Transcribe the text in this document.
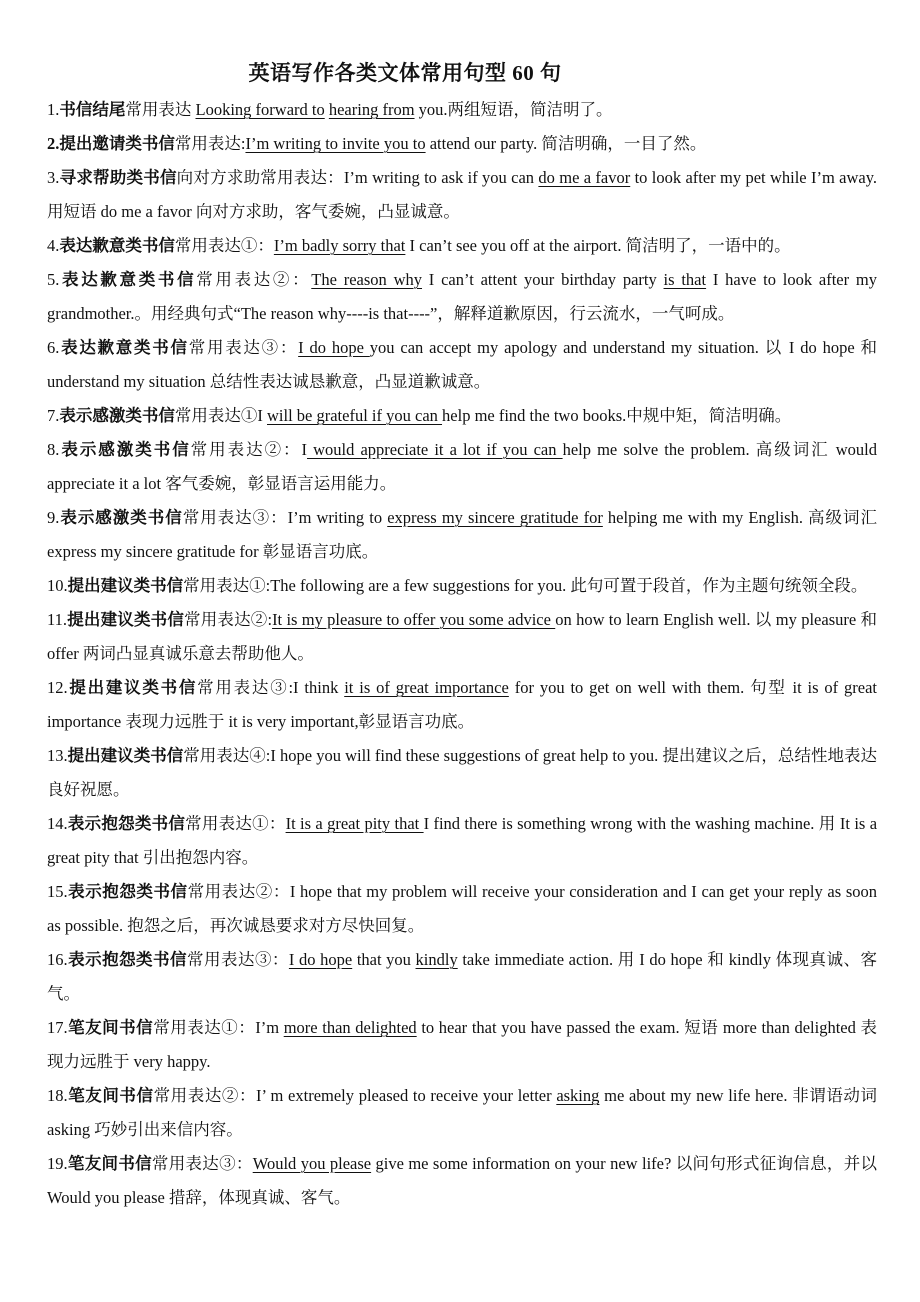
英语写作各类文体常用句型 60 句

1.书信结尾常用表达 Looking forward to hearing from you.两组短语，简洁明了。

2.提出邀请类书信常用表达:I’m writing to invite you to attend our party. 简洁明确，一目了然。

3.寻求帮助类书信向对方求助常用表达：I’m writing to ask if you can do me a favor to look after my pet while I’m away. 用短语 do me a favor 向对方求助，客气委婉，凸显诚意。

4.表达歉意类书信常用表达①：I’m badly sorry that I can’t see you off at the airport. 简洁明了，一语中的。

5.表达歉意类书信常用表达②：The reason why I can’t attent your birthday party is that I have to look after my grandmother.。用经典句式“The reason why----is that----”，解释道歉原因，行云流水，一气呵成。

6.表达歉意类书信常用表达③：I do hope you can accept my apology and understand my situation. 以 I do hope 和 understand my situation 总结性表达诚恳歉意，凸显道歉诚意。

7.表示感激类书信常用表达①I will be grateful if you can help me find the two books.中规中矩，简洁明确。

8.表示感激类书信常用表达②：I would appreciate it a lot if you can help me solve the problem. 高级词汇 would appreciate it a lot 客气委婉，彰显语言运用能力。

9.表示感激类书信常用表达③：I’m writing to express my sincere gratitude for helping me with my English. 高级词汇 express my sincere gratitude for 彰显语言功底。

10.提出建议类书信常用表达①:The following are a few suggestions for you. 此句可置于段首，作为主题句统领全段。

11.提出建议类书信常用表达②:It is my pleasure to offer you some advice on how to learn English well. 以 my pleasure 和 offer 两词凸显真诚乐意去帮助他人。

12.提出建议类书信常用表达③:I think it is of great importance for you to get on well with them. 句型 it is of great importance 表现力远胜于 it is very important,彰显语言功底。

13.提出建议类书信常用表达④:I hope you will find these suggestions of great help to you. 提出建议之后，总结性地表达良好祝愿。

14.表示抱怨类书信常用表达①：It is a great pity that I find there is something wrong with the washing machine. 用 It is a great pity that 引出抱怨内容。

15.表示抱怨类书信常用表达②：I hope that my problem will receive your consideration and I can get your reply as soon as possible. 抱怨之后，再次诚恳要求对方尽快回复。

16.表示抱怨类书信常用表达③：I do hope that you kindly take immediate action. 用 I do hope 和 kindly 体现真诚、客气。

17.笔友间书信常用表达①：I’m more than delighted to hear that you have passed the exam. 短语 more than delighted 表现力远胜于 very happy.

18.笔友间书信常用表达②：I’ m extremely pleased to receive your letter asking me about my new life here. 非谓语动词 asking 巧妙引出来信内容。

19.笔友间书信常用表达③：Would you please give me some information on your new life? 以问句形式征询信息，并以 Would you please 措辞，体现真诚、客气。
